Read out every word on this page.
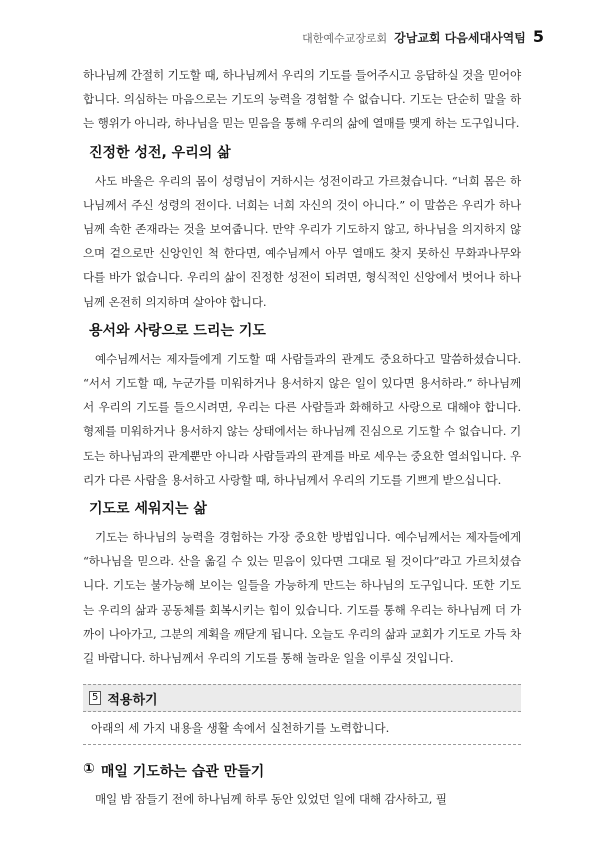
대한예수교장로회 강남교회 다음세대사역팀 5

하나님께 간절히 기도할 때, 하나님께서 우리의 기도를 들어주시고 응답하실 것을 믿어야 합니다. 의심하는 마음으로는 기도의 능력을 경험할 수 없습니다. 기도는 단순히 말을 하는 행위가 아니라, 하나님을 믿는 믿음을 통해 우리의 삶에 열매를 맺게 하는 도구입니다.

진정한 성전, 우리의 삶

사도 바울은 우리의 몸이 성령님이 거하시는 성전이라고 가르쳤습니다. “너희 몸은 하나님께서 주신 성령의 전이다. 너희는 너희 자신의 것이 아니다.” 이 말씀은 우리가 하나님께 속한 존재라는 것을 보여줍니다. 만약 우리가 기도하지 않고, 하나님을 의지하지 않으며 겉으로만 신앙인인 척 한다면, 예수님께서 아무 열매도 찾지 못하신 무화과나무와 다를 바가 없습니다. 우리의 삶이 진정한 성전이 되려면, 형식적인 신앙에서 벗어나 하나님께 온전히 의지하며 살아야 합니다.

용서와 사랑으로 드리는 기도

예수님께서는 제자들에게 기도할 때 사람들과의 관계도 중요하다고 말씀하셨습니다. “서서 기도할 때, 누군가를 미워하거나 용서하지 않은 일이 있다면 용서하라.” 하나님께서 우리의 기도를 들으시려면, 우리는 다른 사람들과 화해하고 사랑으로 대해야 합니다. 형제를 미워하거나 용서하지 않는 상태에서는 하나님께 진심으로 기도할 수 없습니다. 기도는 하나님과의 관계뿐만 아니라 사람들과의 관계를 바로 세우는 중요한 열쇠입니다. 우리가 다른 사람을 용서하고 사랑할 때, 하나님께서 우리의 기도를 기쁘게 받으십니다.

기도로 세워지는 삶

기도는 하나님의 능력을 경험하는 가장 중요한 방법입니다. 예수님께서는 제자들에게 “하나님을 믿으라. 산을 옮길 수 있는 믿음이 있다면 그대로 될 것이다”라고 가르치셨습니다. 기도는 불가능해 보이는 일들을 가능하게 만드는 하나님의 도구입니다. 또한 기도는 우리의 삶과 공동체를 회복시키는 힘이 있습니다. 기도를 통해 우리는 하나님께 더 가까이 나아가고, 그분의 계획을 깨닫게 됩니다. 오늘도 우리의 삶과 교회가 기도로 가득 차길 바랍니다. 하나님께서 우리의 기도를 통해 놀라운 일을 이루실 것입니다.

5 적용하기
아래의 세 가지 내용을 생활 속에서 실천하기를 노력합니다.
① 매일 기도하는 습관 만들기

매일 밤 잠들기 전에 하나님께 하루 동안 있었던 일에 대해 감사하고, 필
